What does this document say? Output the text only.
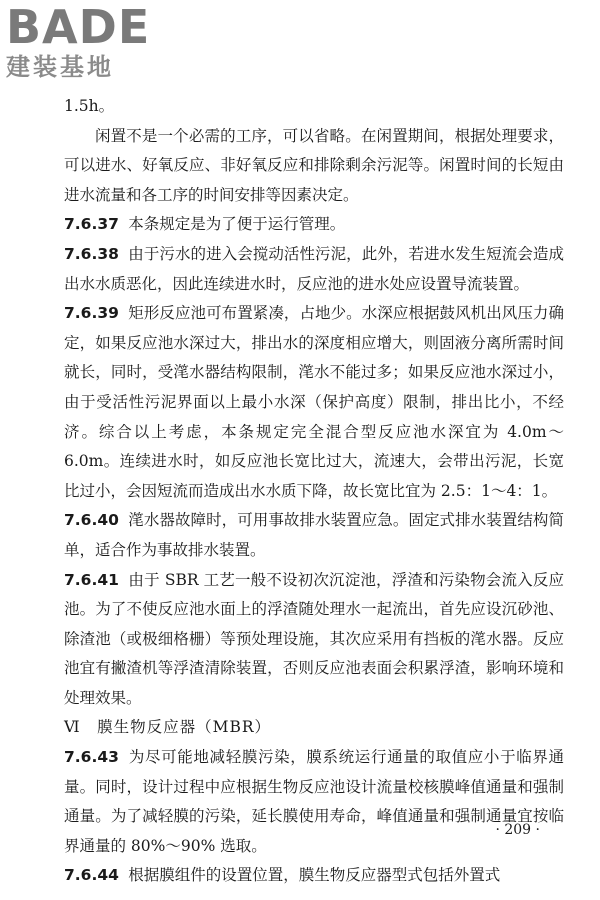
BADE
建装基地

1.5h。

闲置不是一个必需的工序，可以省略。在闲置期间，根据处理要求，可以进水、好氧反应、非好氧反应和排除剩余污泥等。闲置时间的长短由进水流量和各工序的时间安排等因素决定。

7.6.37 本条规定是为了便于运行管理。

7.6.38 由于污水的进入会搅动活性污泥，此外，若进水发生短流会造成出水水质恶化，因此连续进水时，反应池的进水处应设置导流装置。

7.6.39 矩形反应池可布置紧凑，占地少。水深应根据鼓风机出风压力确定，如果反应池水深过大，排出水的深度相应增大，则固液分离所需时间就长，同时，受滗水器结构限制，滗水不能过多；如果反应池水深过小，由于受活性污泥界面以上最小水深（保护高度）限制，排出比小，不经济。综合以上考虑，本条规定完全混合型反应池水深宜为 4.0m～6.0m。连续进水时，如反应池长宽比过大，流速大，会带出污泥，长宽比过小，会因短流而造成出水水质下降，故长宽比宜为 2.5：1～4：1。

7.6.40 滗水器故障时，可用事故排水装置应急。固定式排水装置结构简单，适合作为事故排水装置。

7.6.41 由于 SBR 工艺一般不设初次沉淀池，浮渣和污染物会流入反应池。为了不使反应池水面上的浮渣随处理水一起流出，首先应设沉砂池、除渣池（或极细格栅）等预处理设施，其次应采用有挡板的滗水器。反应池宜有撇渣机等浮渣清除装置，否则反应池表面会积累浮渣，影响环境和处理效果。

Ⅵ　膜生物反应器（MBR）

7.6.43 为尽可能地减轻膜污染，膜系统运行通量的取值应小于临界通量。同时，设计过程中应根据生物反应池设计流量校核膜峰值通量和强制通量。为了减轻膜的污染，延长膜使用寿命，峰值通量和强制通量宜按临界通量的 80%～90% 选取。

7.6.44 根据膜组件的设置位置，膜生物反应器型式包括外置式

· 209 ·
